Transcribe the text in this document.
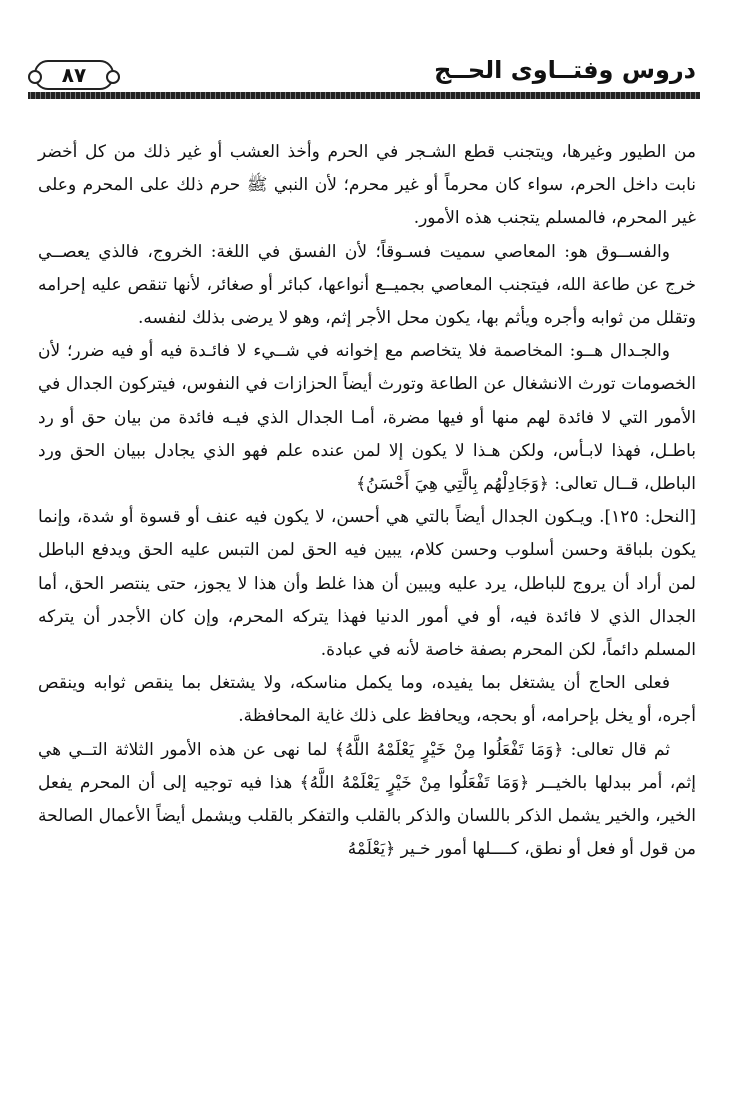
٨٧	دروس وفتــاوى الحــج

من الطيور وغيرها، ويتجنب قطع الشـجر في الحرم وأخذ العشب أو غير ذلك من كل أخضر نابت داخل الحرم، سواء كان محرماً أو غير محرم؛ لأن النبي ﷺ حرم ذلك على المحرم وعلى غير المحرم، فالمسلم يتجنب هذه الأمور.

والفســوق هو: المعاصي سميت فسـوقاً؛ لأن الفسق في اللغة: الخروج، فالذي يعصــي خرج عن طاعة الله، فيتجنب المعاصي بجميــع أنواعها، كبائر أو صغائر، لأنها تنقص عليه إحرامه وتقلل من ثوابه وأجره ويأثم بها، يكون محل الأجر إثم، وهو لا يرضى بذلك لنفسه.

والجـدال هــو: المخاصمة فلا يتخاصم مع إخوانه في شــيء لا فائـدة فيه أو فيه ضرر؛ لأن الخصومات تورث الانشغال عن الطاعة وتورث أيضاً الحزازات في النفوس، فيتركون الجدال في الأمور التي لا فائدة لهم منها أو فيها مضرة، أمـا الجدال الذي فيـه فائدة من بيان حق أو رد باطـل، فهذا لابـأس، ولكن هـذا لا يكون إلا لمن عنده علم فهو الذي يجادل ببيان الحق ورد الباطل، قــال تعالى: ﴿وَجَادِلْهُم بِالَّتِي هِيَ أَحْسَنُ﴾

[النحل: ١٢٥]. ويـكون الجدال أيضاً بالتي هي أحسن، لا يكون فيه عنف أو قسوة أو شدة، وإنما يكون بلباقة وحسن أسلوب وحسن كلام، يبين فيه الحق لمن التبس عليه الحق ويدفع الباطل لمن أراد أن يروج للباطل، يرد عليه ويبين أن هذا غلط وأن هذا لا يجوز، حتى ينتصر الحق، أما الجدال الذي لا فائدة فيه، أو في أمور الدنيا فهذا يتركه المحرم، وإن كان الأجدر أن يتركه المسلم دائماً، لكن المحرم بصفة خاصة لأنه في عبادة.

فعلى الحاج أن يشتغل بما يفيده، وما يكمل مناسكه، ولا يشتغل بما ينقص ثوابه وينقص أجره، أو يخل بإحرامه، أو بحجه، ويحافظ على ذلك غاية المحافظة.

ثم قال تعالى: ﴿وَمَا تَفْعَلُوا مِنْ خَيْرٍ يَعْلَمْهُ اللَّهُ﴾ لما نهى عن هذه الأمور الثلاثة التــي هي إثم، أمر ببدلها بالخيــر ﴿وَمَا تَفْعَلُوا مِنْ خَيْرٍ يَعْلَمْهُ اللَّهُ﴾ هذا فيه توجيه إلى أن المحرم يفعل الخير، والخير يشمل الذكر باللسان والذكر بالقلب والتفكر بالقلب ويشمل أيضاً الأعمال الصالحة من قول أو فعل أو نطق، كــــلها أمور خـير ﴿يَعْلَمْهُ
